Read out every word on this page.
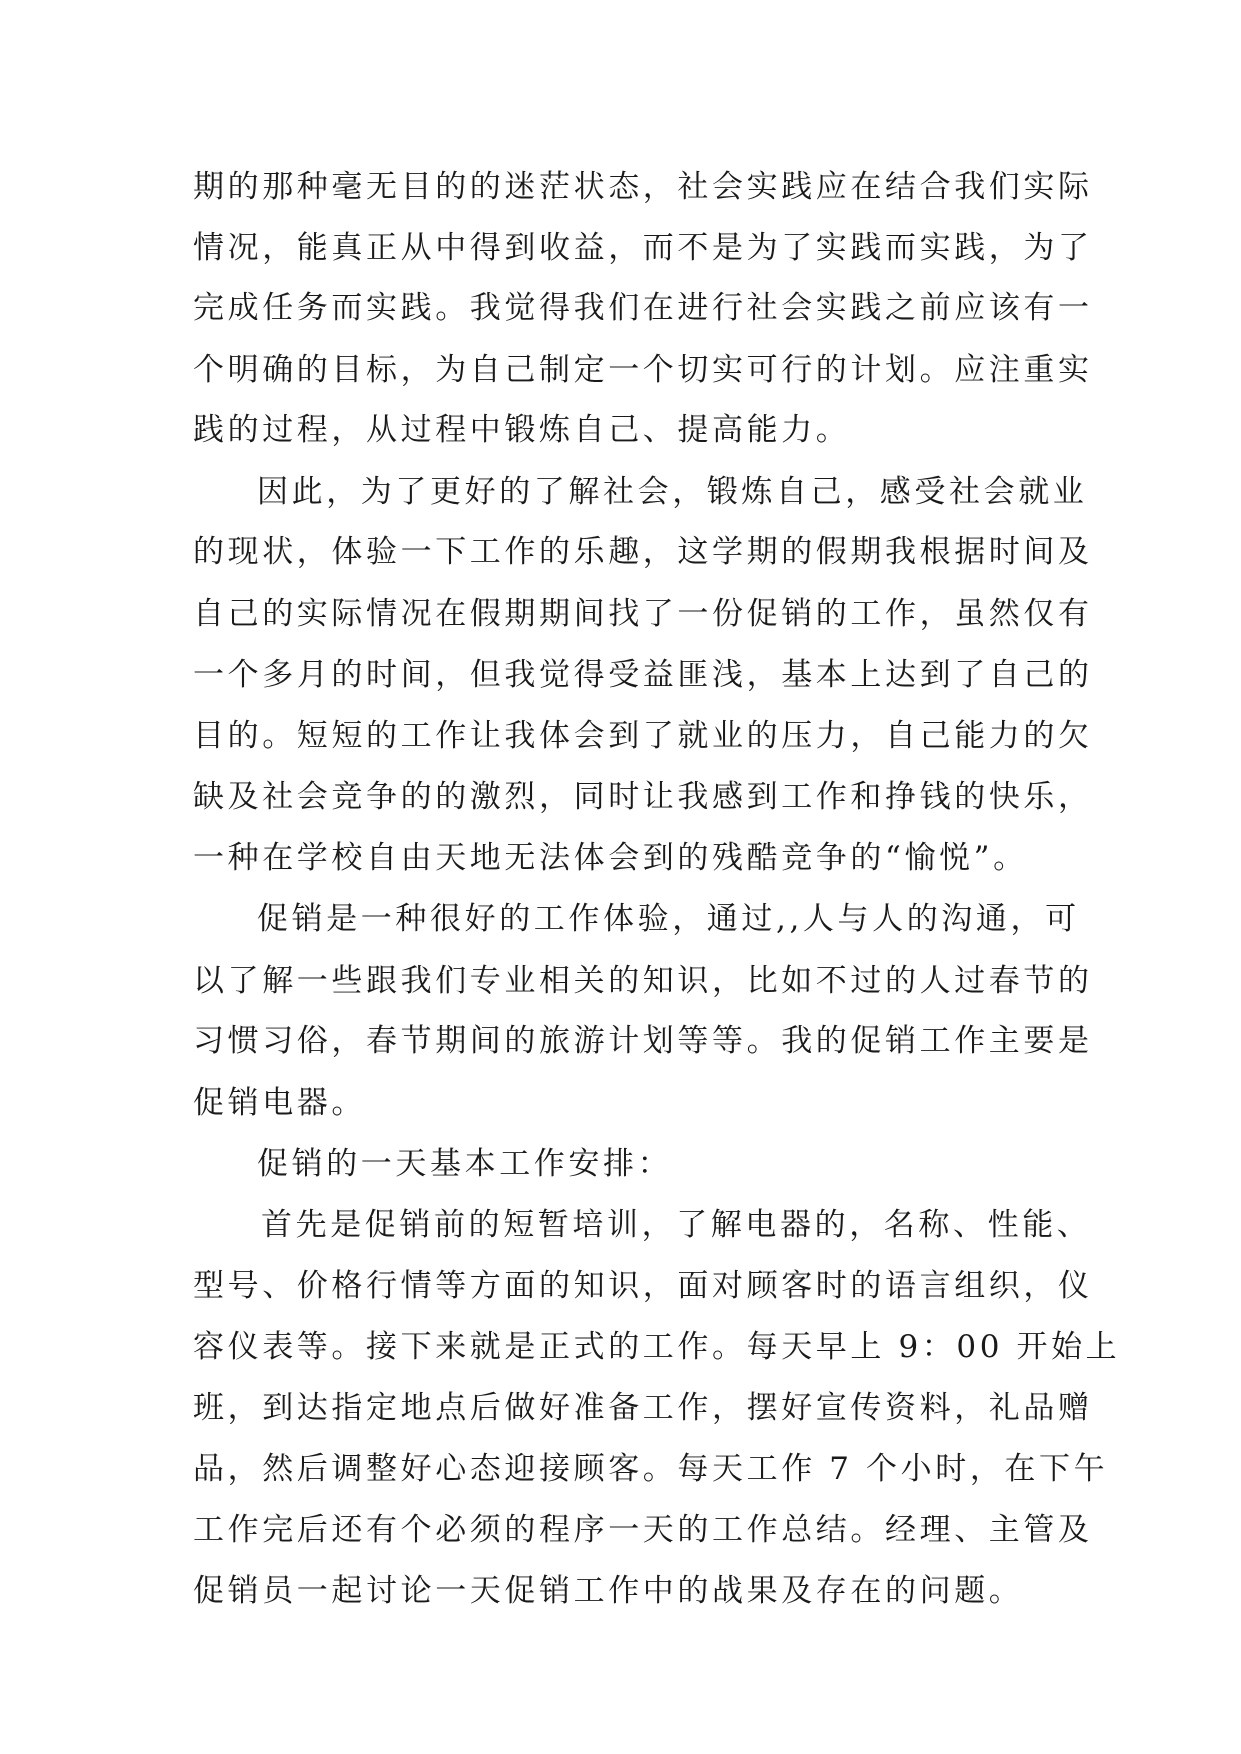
期的那种毫无目的的迷茫状态，社会实践应在结合我们实际
情况，能真正从中得到收益，而不是为了实践而实践，为了
完成任务而实践。我觉得我们在进行社会实践之前应该有一
个明确的目标，为自己制定一个切实可行的计划。应注重实
践的过程，从过程中锻炼自己、提高能力。
因此，为了更好的了解社会，锻炼自己，感受社会就业
的现状，体验一下工作的乐趣，这学期的假期我根据时间及
自己的实际情况在假期期间找了一份促销的工作，虽然仅有
一个多月的时间，但我觉得受益匪浅，基本上达到了自己的
目的。短短的工作让我体会到了就业的压力，自己能力的欠
缺及社会竞争的的激烈，同时让我感到工作和挣钱的快乐，
一种在学校自由天地无法体会到的残酷竞争的“愉悦”。
促销是一种很好的工作体验，通过,,人与人的沟通，可
以了解一些跟我们专业相关的知识，比如不过的人过春节的
习惯习俗，春节期间的旅游计划等等。我的促销工作主要是
促销电器。
促销的一天基本工作安排：
首先是促销前的短暂培训，了解电器的，名称、性能、
型号、价格行情等方面的知识，面对顾客时的语言组织，仪
容仪表等。接下来就是正式的工作。每天早上 9：00 开始上
班，到达指定地点后做好准备工作，摆好宣传资料，礼品赠
品，然后调整好心态迎接顾客。每天工作 7 个小时，在下午
工作完后还有个必须的程序一天的工作总结。经理、主管及
促销员一起讨论一天促销工作中的战果及存在的问题。
